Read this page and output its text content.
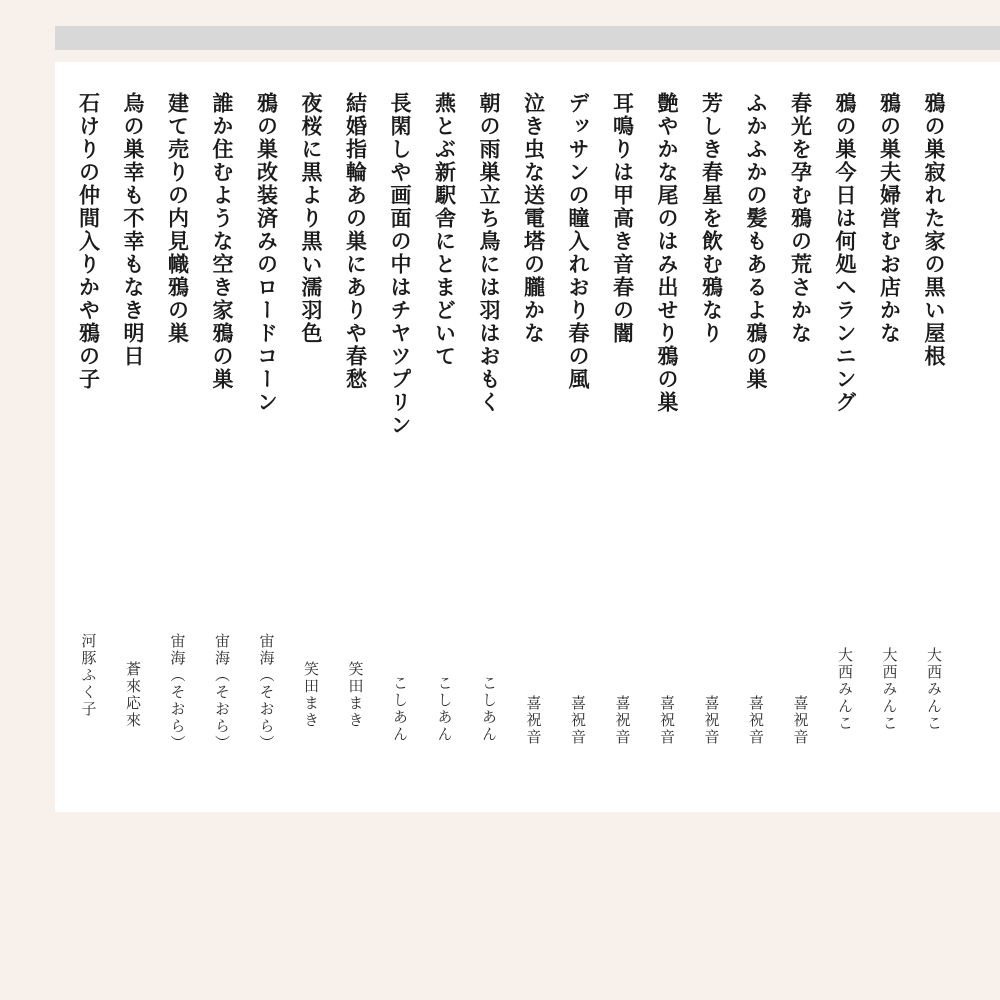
鴉の巣寂れた家の黒い屋根
大西みんこ
鴉の巣夫婦営むお店かな
大西みんこ
鴉の巣今日は何処へランニング
大西みんこ
春光を孕む鴉の荒さかな
喜祝音
ふかふかの髪もあるよ鴉の巣
喜祝音
芳しき春星を飲む鴉なり
喜祝音
艶やかな尾のはみ出せり鴉の巣
喜祝音
耳鳴りは甲高き音春の闇
喜祝音
デッサンの瞳入れおり春の風
喜祝音
泣き虫な送電塔の朧かな
喜祝音
朝の雨巣立ち鳥には羽はおもく
こしあん
燕とぶ新駅舎にとまどいて
こしあん
長閑しや画面の中はチヤツプリン
こしあん
結婚指輪あの巣にありや春愁
笑田まき
夜桜に黒より黒い濡羽色
笑田まき
鴉の巣改装済みのロードコーン
宙海（そおら）
誰か住むような空き家鴉の巣
宙海（そおら）
建て売りの内見幟鴉の巣
宙海（そおら）
烏の巣幸も不幸もなき明日
蒼來応來
石けりの仲間入りかや鴉の子
河豚ふく子
